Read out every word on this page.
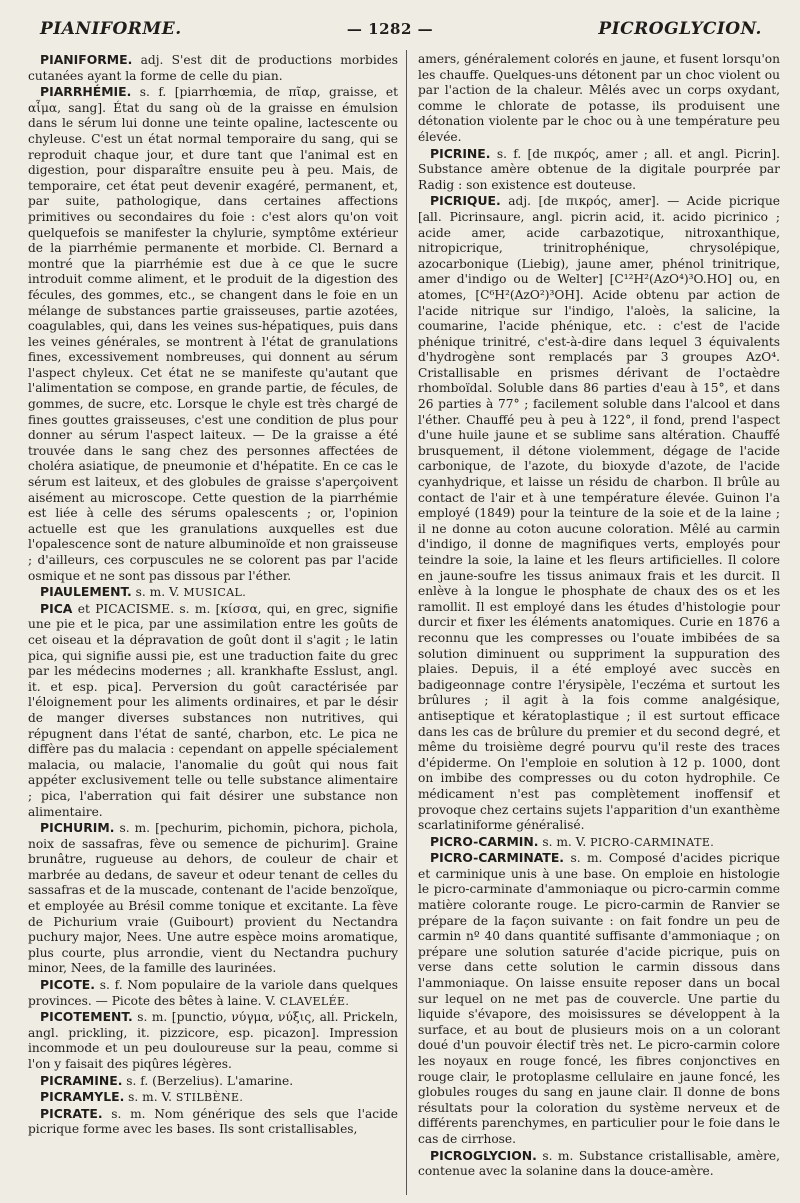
PIANIFORME.	— 1282 —	PICROGLYCION.

PIANIFORME. adj. S'est dit de productions morbides cutanées ayant la forme de celle du pian.

PIARRHÉMIE. s. f. [piarrhœmia, de πῖαρ, graisse, et αἷμα, sang]. État du sang où de la graisse en émulsion dans le sérum lui donne une teinte opaline, lactescente ou chyleuse. C'est un état normal temporaire du sang, qui se reproduit chaque jour, et dure tant que l'animal est en digestion, pour disparaître ensuite peu à peu. Mais, de temporaire, cet état peut devenir exagéré, permanent, et, par suite, pathologique, dans certaines affections primitives ou secondaires du foie : c'est alors qu'on voit quelquefois se manifester la chylurie, symptôme extérieur de la piarrhémie permanente et morbide. Cl. Bernard a montré que la piarrhémie est due à ce que le sucre introduit comme aliment, et le produit de la digestion des fécules, des gommes, etc., se changent dans le foie en un mélange de substances partie graisseuses, partie azotées, coagulables, qui, dans les veines sus-hépatiques, puis dans les veines générales, se montrent à l'état de granulations fines, excessivement nombreuses, qui donnent au sérum l'aspect chyleux. Cet état ne se manifeste qu'autant que l'alimentation se compose, en grande partie, de fécules, de gommes, de sucre, etc. Lorsque le chyle est très chargé de fines gouttes graisseuses, c'est une condition de plus pour donner au sérum l'aspect laiteux. — De la graisse a été trouvée dans le sang chez des personnes affectées de choléra asiatique, de pneumonie et d'hépatite. En ce cas le sérum est laiteux, et des globules de graisse s'aperçoivent aisément au microscope. Cette question de la piarrhémie est liée à celle des sérums opalescents ; or, l'opinion actuelle est que les granulations auxquelles est due l'opalescence sont de nature albuminoïde et non graisseuse ; d'ailleurs, ces corpuscules ne se colorent pas par l'acide osmique et ne sont pas dissous par l'éther.

PIAULEMENT. s. m. V. MUSICAL.

PICA et PICACISME. s. m. [κίσσα, qui, en grec, signifie une pie et le pica, par une assimilation entre les goûts de cet oiseau et la dépravation de goût dont il s'agit ; le latin pica, qui signifie aussi pie, est une traduction faite du grec par les médecins modernes ; all. krankhafte Esslust, angl. it. et esp. pica]. Perversion du goût caractérisée par l'éloignement pour les aliments ordinaires, et par le désir de manger diverses substances non nutritives, qui répugnent dans l'état de santé, charbon, etc. Le pica ne diffère pas du malacia : cependant on appelle spécialement malacia, ou malacie, l'anomalie du goût qui nous fait appéter exclusivement telle ou telle substance alimentaire ; pica, l'aberration qui fait désirer une substance non alimentaire.

PICHURIM. s. m. [pechurim, pichomin, pichora, pichola, noix de sassafras, fève ou semence de pichurim]. Graine brunâtre, rugueuse au dehors, de couleur de chair et marbrée au dedans, de saveur et odeur tenant de celles du sassafras et de la muscade, contenant de l'acide benzoïque, et employée au Brésil comme tonique et excitante. La fève de Pichurium vraie (Guibourt) provient du Nectandra puchury major, Nees. Une autre espèce moins aromatique, plus courte, plus arrondie, vient du Nectandra puchury minor, Nees, de la famille des laurinées.

PICOTE. s. f. Nom populaire de la variole dans quelques provinces. — Picote des bêtes à laine. V. CLAVELÉE.

PICOTEMENT. s. m. [punctio, νύγμα, νύξις, all. Prickeln, angl. prickling, it. pizzicore, esp. picazon]. Impression incommode et un peu douloureuse sur la peau, comme si l'on y faisait des piqûres légères.

PICRAMINE. s. f. (Berzelius). L'amarine.

PICRAMYLE. s. m. V. STILBÈNE.

PICRATE. s. m. Nom générique des sels que l'acide picrique forme avec les bases. Ils sont cristallisables,

amers, généralement colorés en jaune, et fusent lorsqu'on les chauffe. Quelques-uns détonent par un choc violent ou par l'action de la chaleur. Mêlés avec un corps oxydant, comme le chlorate de potasse, ils produisent une détonation violente par le choc ou à une température peu élevée.

PICRINE. s. f. [de πικρός, amer ; all. et angl. Picrin]. Substance amère obtenue de la digitale pourprée par Radig : son existence est douteuse.

PICRIQUE. adj. [de πικρός, amer]. — Acide picrique [all. Picrinsaure, angl. picrin acid, it. acido picrinico ; acide amer, acide carbazotique, nitroxanthique, nitropicrique, trinitrophénique, chrysolépique, azocarbonique (Liebig), jaune amer, phénol trinitrique, amer d'indigo ou de Welter] [C¹²H²(AzO⁴)³O.HO] ou, en atomes, [C⁶H²(AzO²)³OH]. Acide obtenu par action de l'acide nitrique sur l'indigo, l'aloès, la salicine, la coumarine, l'acide phénique, etc. : c'est de l'acide phénique trinitré, c'est-à-dire dans lequel 3 équivalents d'hydrogène sont remplacés par 3 groupes AzO⁴. Cristallisable en prismes dérivant de l'octaèdre rhomboïdal. Soluble dans 86 parties d'eau à 15°, et dans 26 parties à 77° ; facilement soluble dans l'alcool et dans l'éther. Chauffé peu à peu à 122°, il fond, prend l'aspect d'une huile jaune et se sublime sans altération. Chauffé brusquement, il détone violemment, dégage de l'acide carbonique, de l'azote, du bioxyde d'azote, de l'acide cyanhydrique, et laisse un résidu de charbon. Il brûle au contact de l'air et à une température élevée. Guinon l'a employé (1849) pour la teinture de la soie et de la laine ; il ne donne au coton aucune coloration. Mêlé au carmin d'indigo, il donne de magnifiques verts, employés pour teindre la soie, la laine et les fleurs artificielles. Il colore en jaune-soufre les tissus animaux frais et les durcit. Il enlève à la longue le phosphate de chaux des os et les ramollit. Il est employé dans les études d'histologie pour durcir et fixer les éléments anatomiques. Curie en 1876 a reconnu que les compresses ou l'ouate imbibées de sa solution diminuent ou suppriment la suppuration des plaies. Depuis, il a été employé avec succès en badigeonnage contre l'érysipèle, l'eczéma et surtout les brûlures ; il agit à la fois comme analgésique, antiseptique et kératoplastique ; il est surtout efficace dans les cas de brûlure du premier et du second degré, et même du troisième degré pourvu qu'il reste des traces d'épiderme. On l'emploie en solution à 12 p. 1000, dont on imbibe des compresses ou du coton hydrophile. Ce médicament n'est pas complètement inoffensif et provoque chez certains sujets l'apparition d'un exanthème scarlatiniforme généralisé.

PICRO-CARMIN. s. m. V. PICRO-CARMINATE.

PICRO-CARMINATE. s. m. Composé d'acides picrique et carminique unis à une base. On emploie en histologie le picro-carminate d'ammoniaque ou picro-carmin comme matière colorante rouge. Le picro-carmin de Ranvier se prépare de la façon suivante : on fait fondre un peu de carmin nº 40 dans quantité suffisante d'ammoniaque ; on prépare une solution saturée d'acide picrique, puis on verse dans cette solution le carmin dissous dans l'ammoniaque. On laisse ensuite reposer dans un bocal sur lequel on ne met pas de couvercle. Une partie du liquide s'évapore, des moisissures se développent à la surface, et au bout de plusieurs mois on a un colorant doué d'un pouvoir électif très net. Le picro-carmin colore les noyaux en rouge foncé, les fibres conjonctives en rouge clair, le protoplasme cellulaire en jaune foncé, les globules rouges du sang en jaune clair. Il donne de bons résultats pour la coloration du système nerveux et de différents parenchymes, en particulier pour le foie dans le cas de cirrhose.

PICROGLYCION. s. m. Substance cristallisable, amère, contenue avec la solanine dans la douce-amère.
